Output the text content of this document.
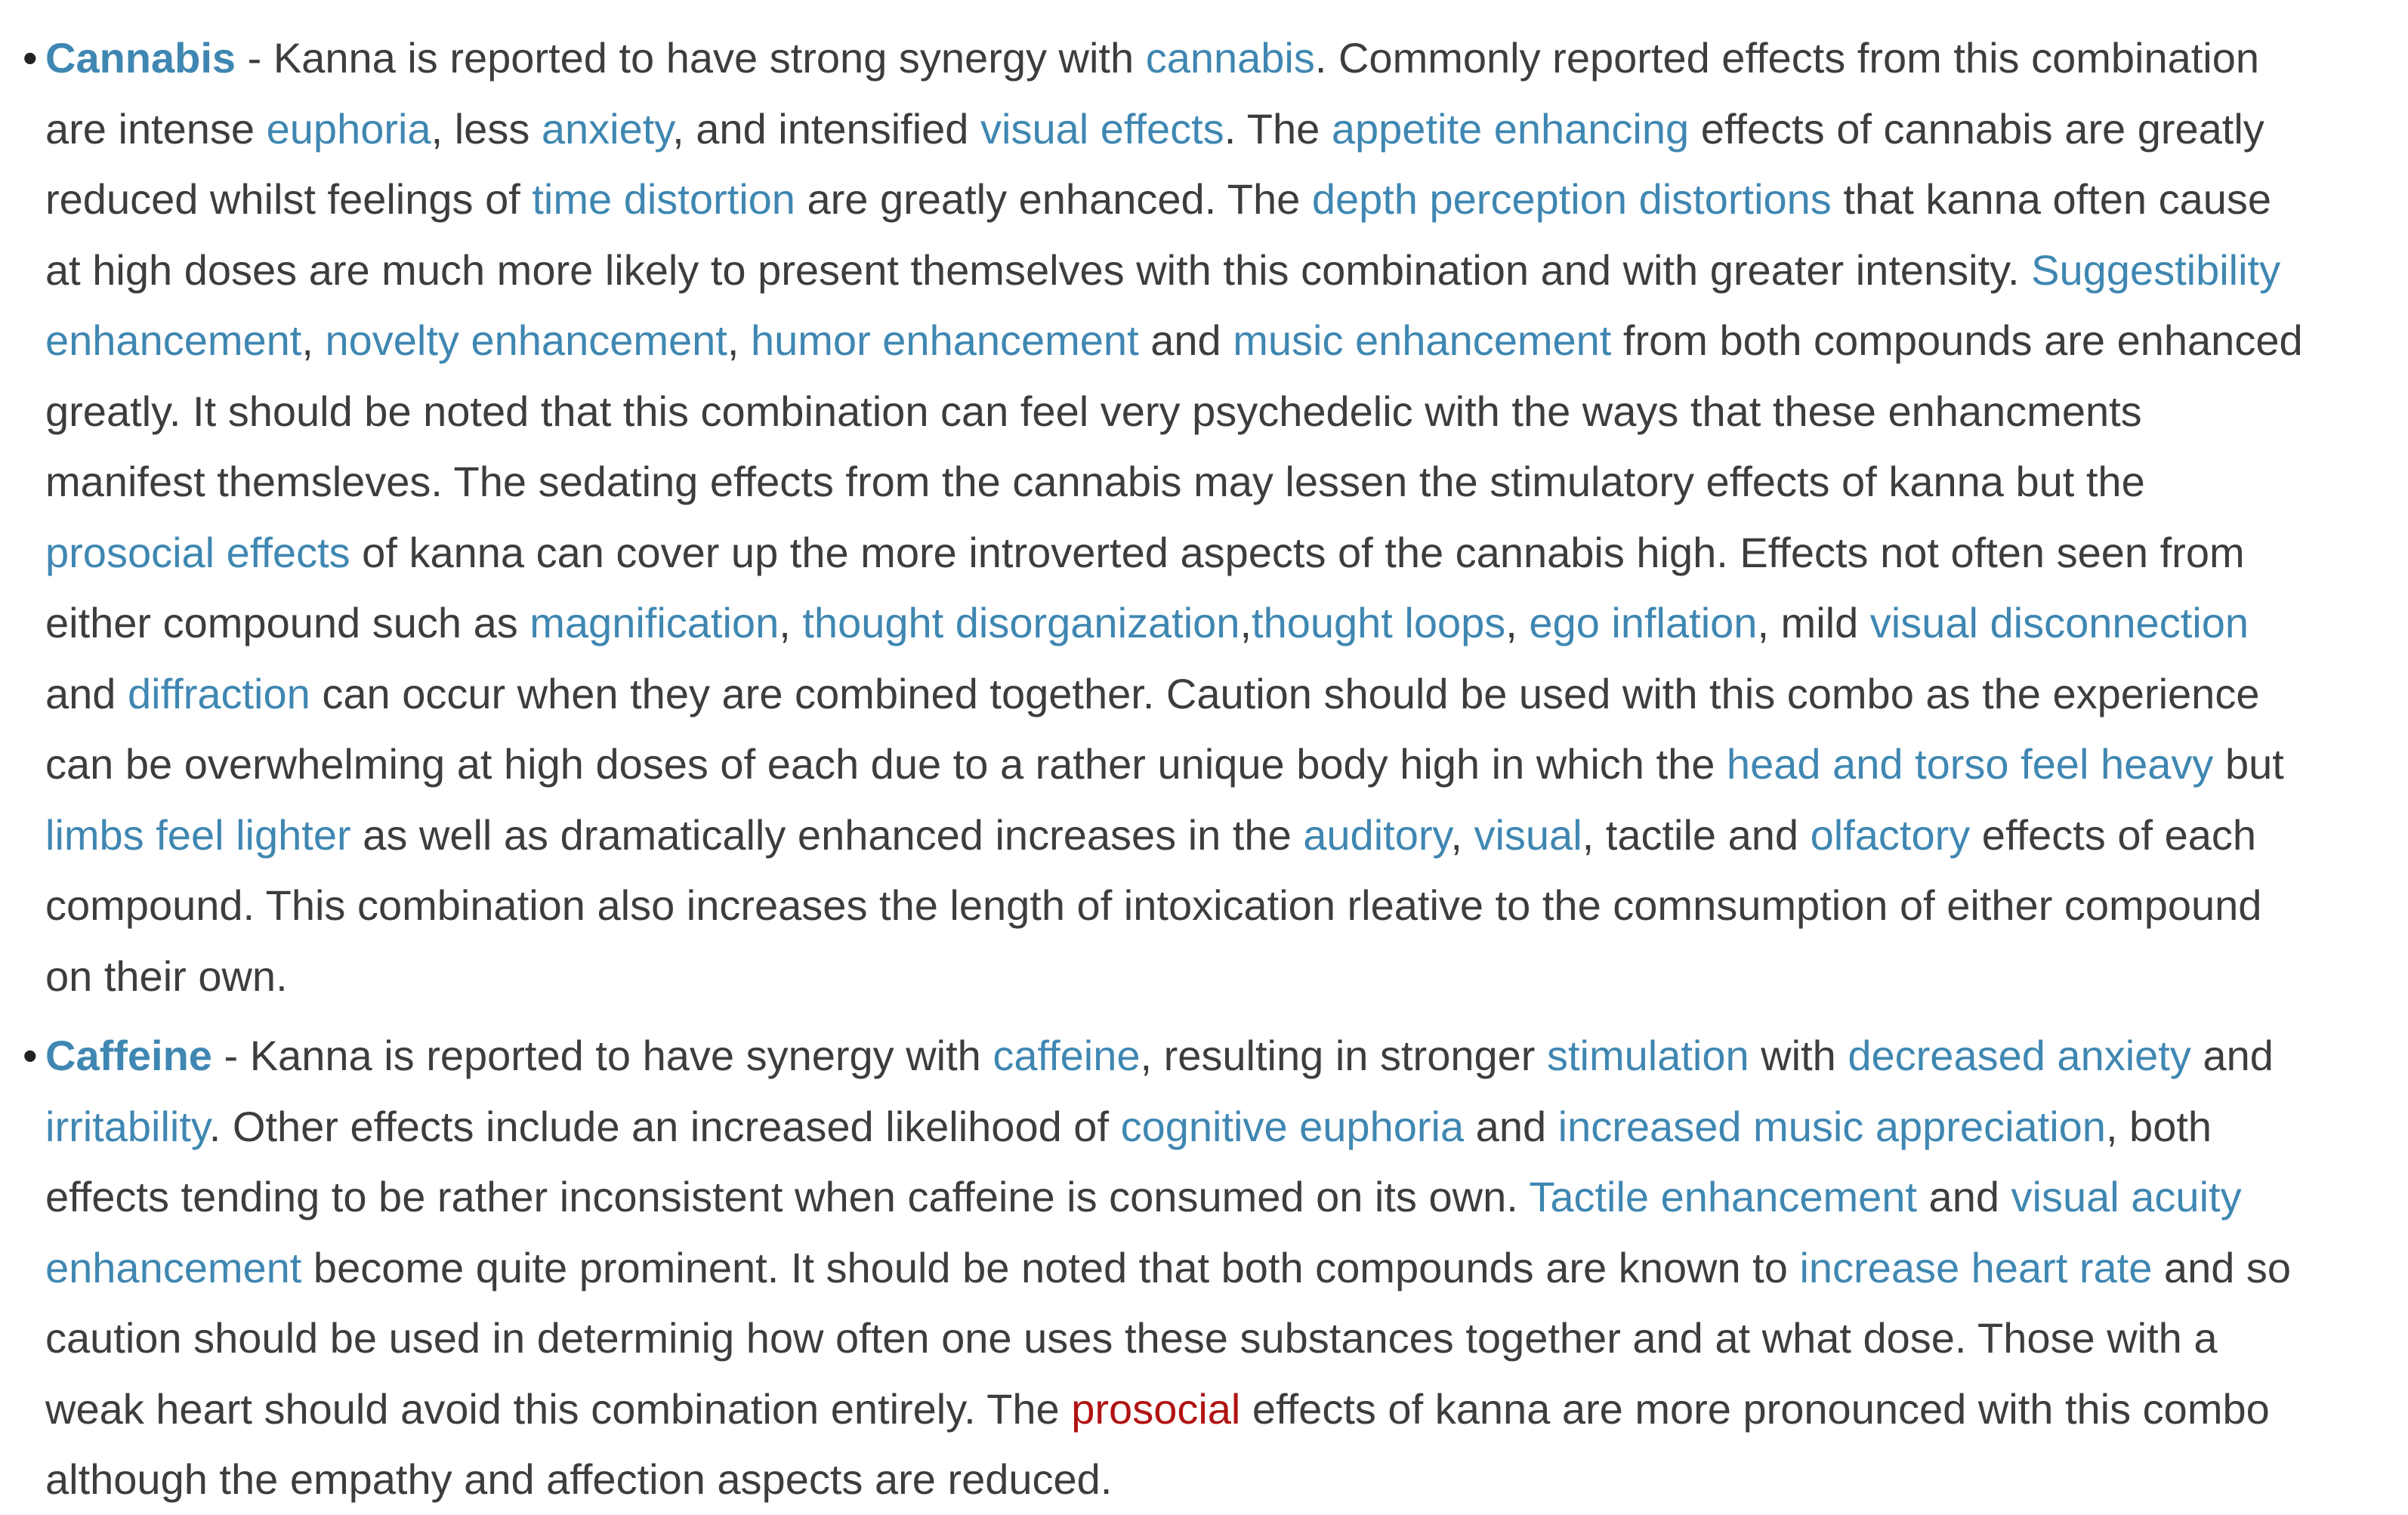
• Cannabis - Kanna is reported to have strong synergy with cannabis. Commonly reported effects from this combination
are intense euphoria, less anxiety, and intensified visual effects. The appetite enhancing effects of cannabis are greatly
reduced whilst feelings of time distortion are greatly enhanced. The depth perception distortions that kanna often cause
at high doses are much more likely to present themselves with this combination and with greater intensity. Suggestibility
enhancement, novelty enhancement, humor enhancement and music enhancement from both compounds are enhanced
greatly. It should be noted that this combination can feel very psychedelic with the ways that these enhancments
manifest themsleves. The sedating effects from the cannabis may lessen the stimulatory effects of kanna but the
prosocial effects of kanna can cover up the more introverted aspects of the cannabis high. Effects not often seen from
either compound such as magnification, thought disorganization,thought loops, ego inflation, mild visual disconnection
and diffraction can occur when they are combined together. Caution should be used with this combo as the experience
can be overwhelming at high doses of each due to a rather unique body high in which the head and torso feel heavy but
limbs feel lighter as well as dramatically enhanced increases in the auditory, visual, tactile and olfactory effects of each
compound. This combination also increases the length of intoxication rleative to the comnsumption of either compound
on their own.
• Caffeine - Kanna is reported to have synergy with caffeine, resulting in stronger stimulation with decreased anxiety and
irritability. Other effects include an increased likelihood of cognitive euphoria and increased music appreciation, both
effects tending to be rather inconsistent when caffeine is consumed on its own. Tactile enhancement and visual acuity
enhancement become quite prominent. It should be noted that both compounds are known to increase heart rate and so
caution should be used in determinig how often one uses these substances together and at what dose. Those with a
weak heart should avoid this combination entirely. The prosocial effects of kanna are more pronounced with this combo
although the empathy and affection aspects are reduced.
